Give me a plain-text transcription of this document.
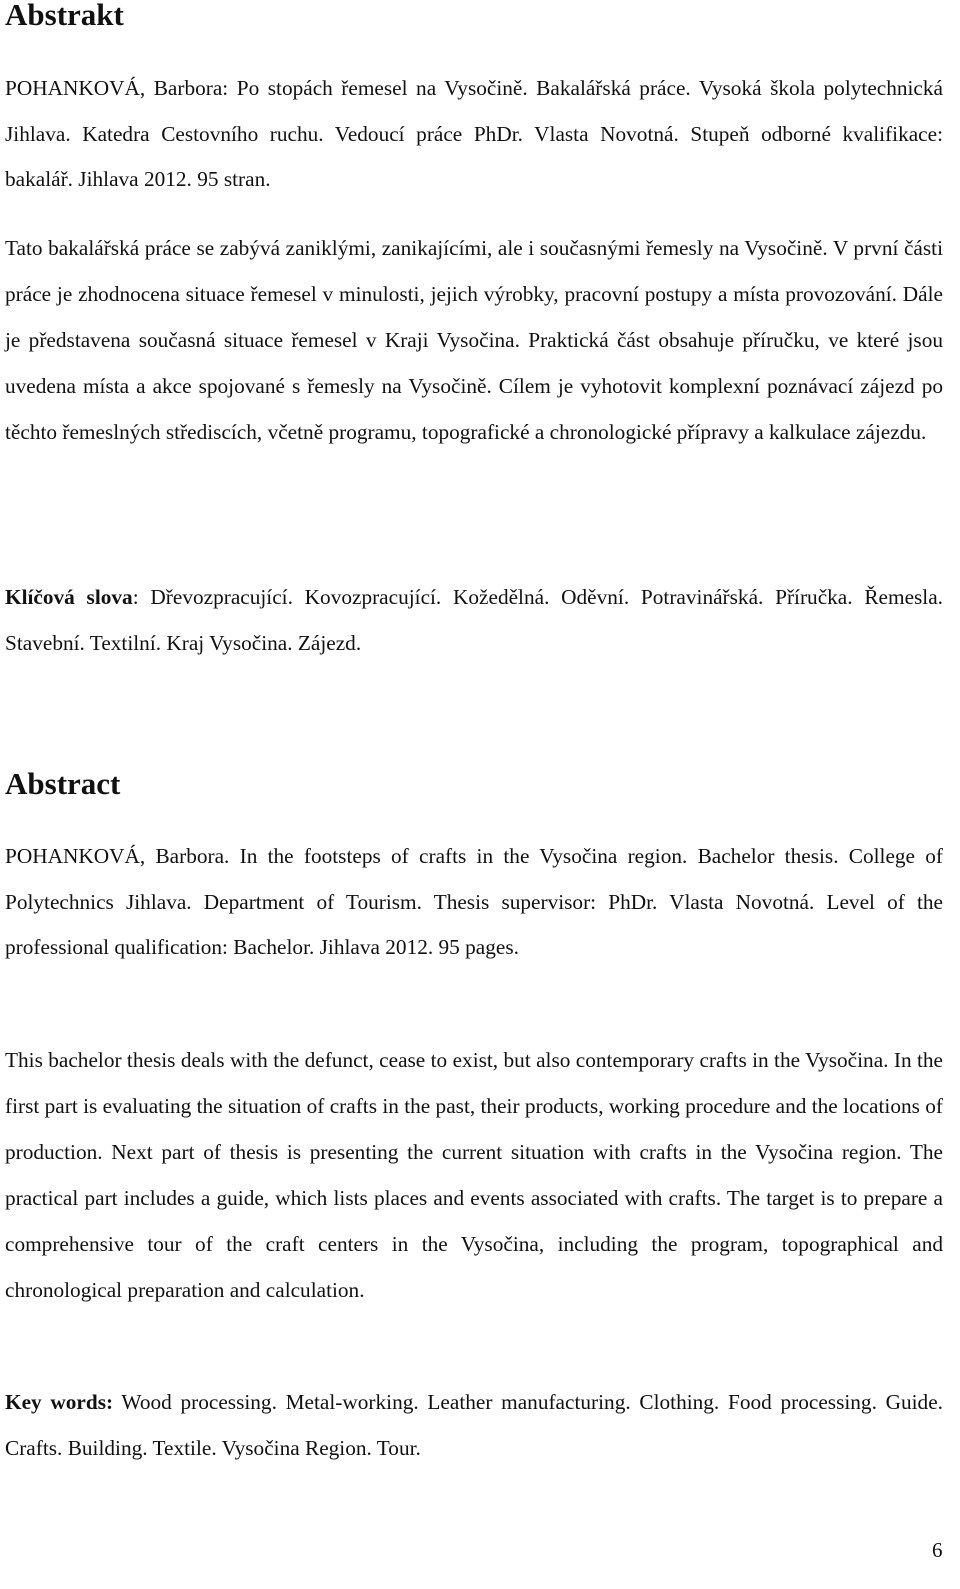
Abstrakt

POHANKOVÁ, Barbora: Po stopách řemesel na Vysočině. Bakalářská práce. Vysoká škola polytechnická Jihlava. Katedra Cestovního ruchu. Vedoucí práce PhDr. Vlasta Novotná. Stupeň odborné kvalifikace: bakalář. Jihlava 2012. 95 stran.

Tato bakalářská práce se zabývá zaniklými, zanikajícími, ale i současnými řemesly na Vysočině. V první části práce je zhodnocena situace řemesel v minulosti, jejich výrobky, pracovní postupy a místa provozování. Dále je představena současná situace řemesel v Kraji Vysočina. Praktická část obsahuje příručku, ve které jsou uvedena místa a akce spojované s řemesly na Vysočině. Cílem je vyhotovit komplexní poznávací zájezd po těchto řemeslných střediscích, včetně programu, topografické a chronologické přípravy a kalkulace zájezdu.

Klíčová slova: Dřevozpracující. Kovozpracující. Kožedělná. Oděvní. Potravinářská. Příručka. Řemesla. Stavební. Textilní. Kraj Vysočina. Zájezd.

Abstract

POHANKOVÁ, Barbora. In the footsteps of crafts in the Vysočina region. Bachelor thesis. College of Polytechnics Jihlava. Department of Tourism. Thesis supervisor: PhDr. Vlasta Novotná. Level of the professional qualification: Bachelor. Jihlava 2012. 95 pages.

This bachelor thesis deals with the defunct, cease to exist, but also contemporary crafts in the Vysočina. In the first part is evaluating the situation of crafts in the past, their products, working procedure and the locations of production. Next part of thesis is presenting the current situation with crafts in the Vysočina region. The practical part includes a guide, which lists places and events associated with crafts. The target is to prepare a comprehensive tour of the craft centers in the Vysočina, including the program, topographical and chronological preparation and calculation.

Key words: Wood processing. Metal-working. Leather manufacturing. Clothing. Food processing. Guide. Crafts. Building. Textile. Vysočina Region. Tour.

6
